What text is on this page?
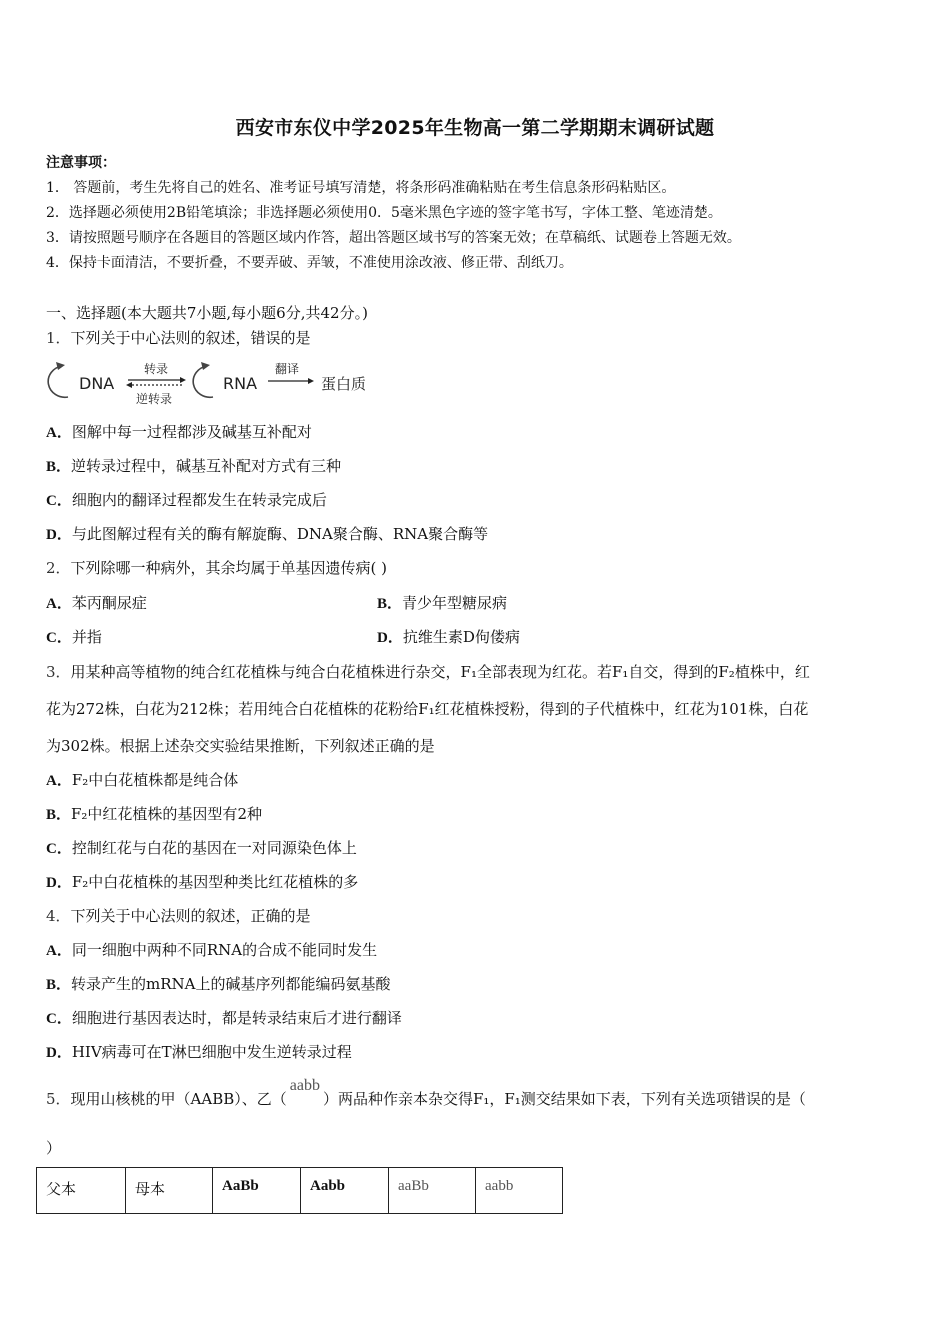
西安市东仪中学2025年生物高一第二学期期末调研试题
注意事项：
1． 答题前，考生先将自己的姓名、准考证号填写清楚，将条形码准确粘贴在考生信息条形码粘贴区。
2．选择题必须使用2B铅笔填涂；非选择题必须使用0．5毫米黑色字迹的签字笔书写，字体工整、笔迹清楚。
3．请按照题号顺序在各题目的答题区域内作答，超出答题区域书写的答案无效；在草稿纸、试题卷上答题无效。
4．保持卡面清洁，不要折叠，不要弄破、弄皱，不准使用涂改液、修正带、刮纸刀。
一、选择题(本大题共7小题,每小题6分,共42分。)
1．下列关于中心法则的叙述，错误的是
DNA
转录
逆转录
RNA
翻译
蛋白质
A．图解中每一过程都涉及碱基互补配对
B．逆转录过程中，碱基互补配对方式有三种
C．细胞内的翻译过程都发生在转录完成后
D．与此图解过程有关的酶有解旋酶、DNA聚合酶、RNA聚合酶等
2．下列除哪一种病外，其余均属于单基因遗传病( )
A．苯丙酮尿症	B．青少年型糖尿病
C．并指	D．抗维生素D佝偻病
3．用某种高等植物的纯合红花植株与纯合白花植株进行杂交，F₁全部表现为红花。若F₁自交，得到的F₂植株中，红
花为272株，白花为212株；若用纯合白花植株的花粉给F₁红花植株授粉，得到的子代植株中，红花为101株，白花
为302株。根据上述杂交实验结果推断，下列叙述正确的是
A．F₂中白花植株都是纯合体
B．F₂中红花植株的基因型有2种
C．控制红花与白花的基因在一对同源染色体上
D．F₂中白花植株的基因型种类比红花植株的多
4．下列关于中心法则的叙述，正确的是
A．同一细胞中两种不同RNA的合成不能同时发生
B．转录产生的mRNA上的碱基序列都能编码氨基酸
C．细胞进行基因表达时，都是转录结束后才进行翻译
D．HIV病毒可在T淋巴细胞中发生逆转录过程
5．现用山核桃的甲（AABB）、乙（aabb）两品种作亲本杂交得F₁，F₁测交结果如下表，下列有关选项错误的是（
）
父本	母本	AaBb	Aabb	aaBb	aabb
